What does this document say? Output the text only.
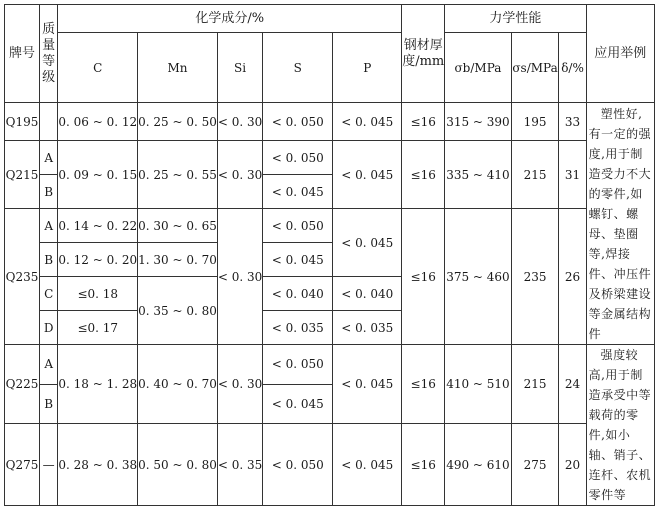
牌号	质量等级	化学成分/%					钢材厚度/mm	力学性能			应用举例
		C	Mn	Si	S	P		σb/MPa	σs/MPa	δ/%	
Q195		0. 06 ~ 0. 12	0. 25 ~ 0. 50	< 0. 30	< 0. 050	< 0. 045	≤16	315 ~ 390	195	33	塑性好,有一定的强度,用于制造受力不大的零件,如螺钉、螺母、垫圈等,焊接件、冲压件及桥梁建设等金属结构件

Q215	A	0. 09 ~ 0. 15	0. 25 ~ 0. 55	< 0. 30	< 0. 050	< 0. 045	≤16	335 ~ 410	215	31	
	B				< 0. 045						
Q235	A	0. 14 ~ 0. 22	0. 30 ~ 0. 65	< 0. 30	< 0. 050	< 0. 045	≤16	375 ~ 460	235	26	
	B	0. 12 ~ 0. 20	1. 30 ~ 0. 70		< 0. 045						
	C	≤0. 18	0. 35 ~ 0. 80		< 0. 040	< 0. 040					
	D	≤0. 17			< 0. 035	< 0. 035					
Q225	A	0. 18 ~ 1. 28	0. 40 ~ 0. 70	< 0. 30	< 0. 050	< 0. 045	≤16	410 ~ 510	215	24	强度较高,用于制造承受中等载荷的零件,如小轴、销子、连杆、农机零件等

	B				< 0. 045						
Q275	—	0. 28 ~ 0. 38	0. 50 ~ 0. 80	< 0. 35	< 0. 050	< 0. 045	≤16	490 ~ 610	275	20	
